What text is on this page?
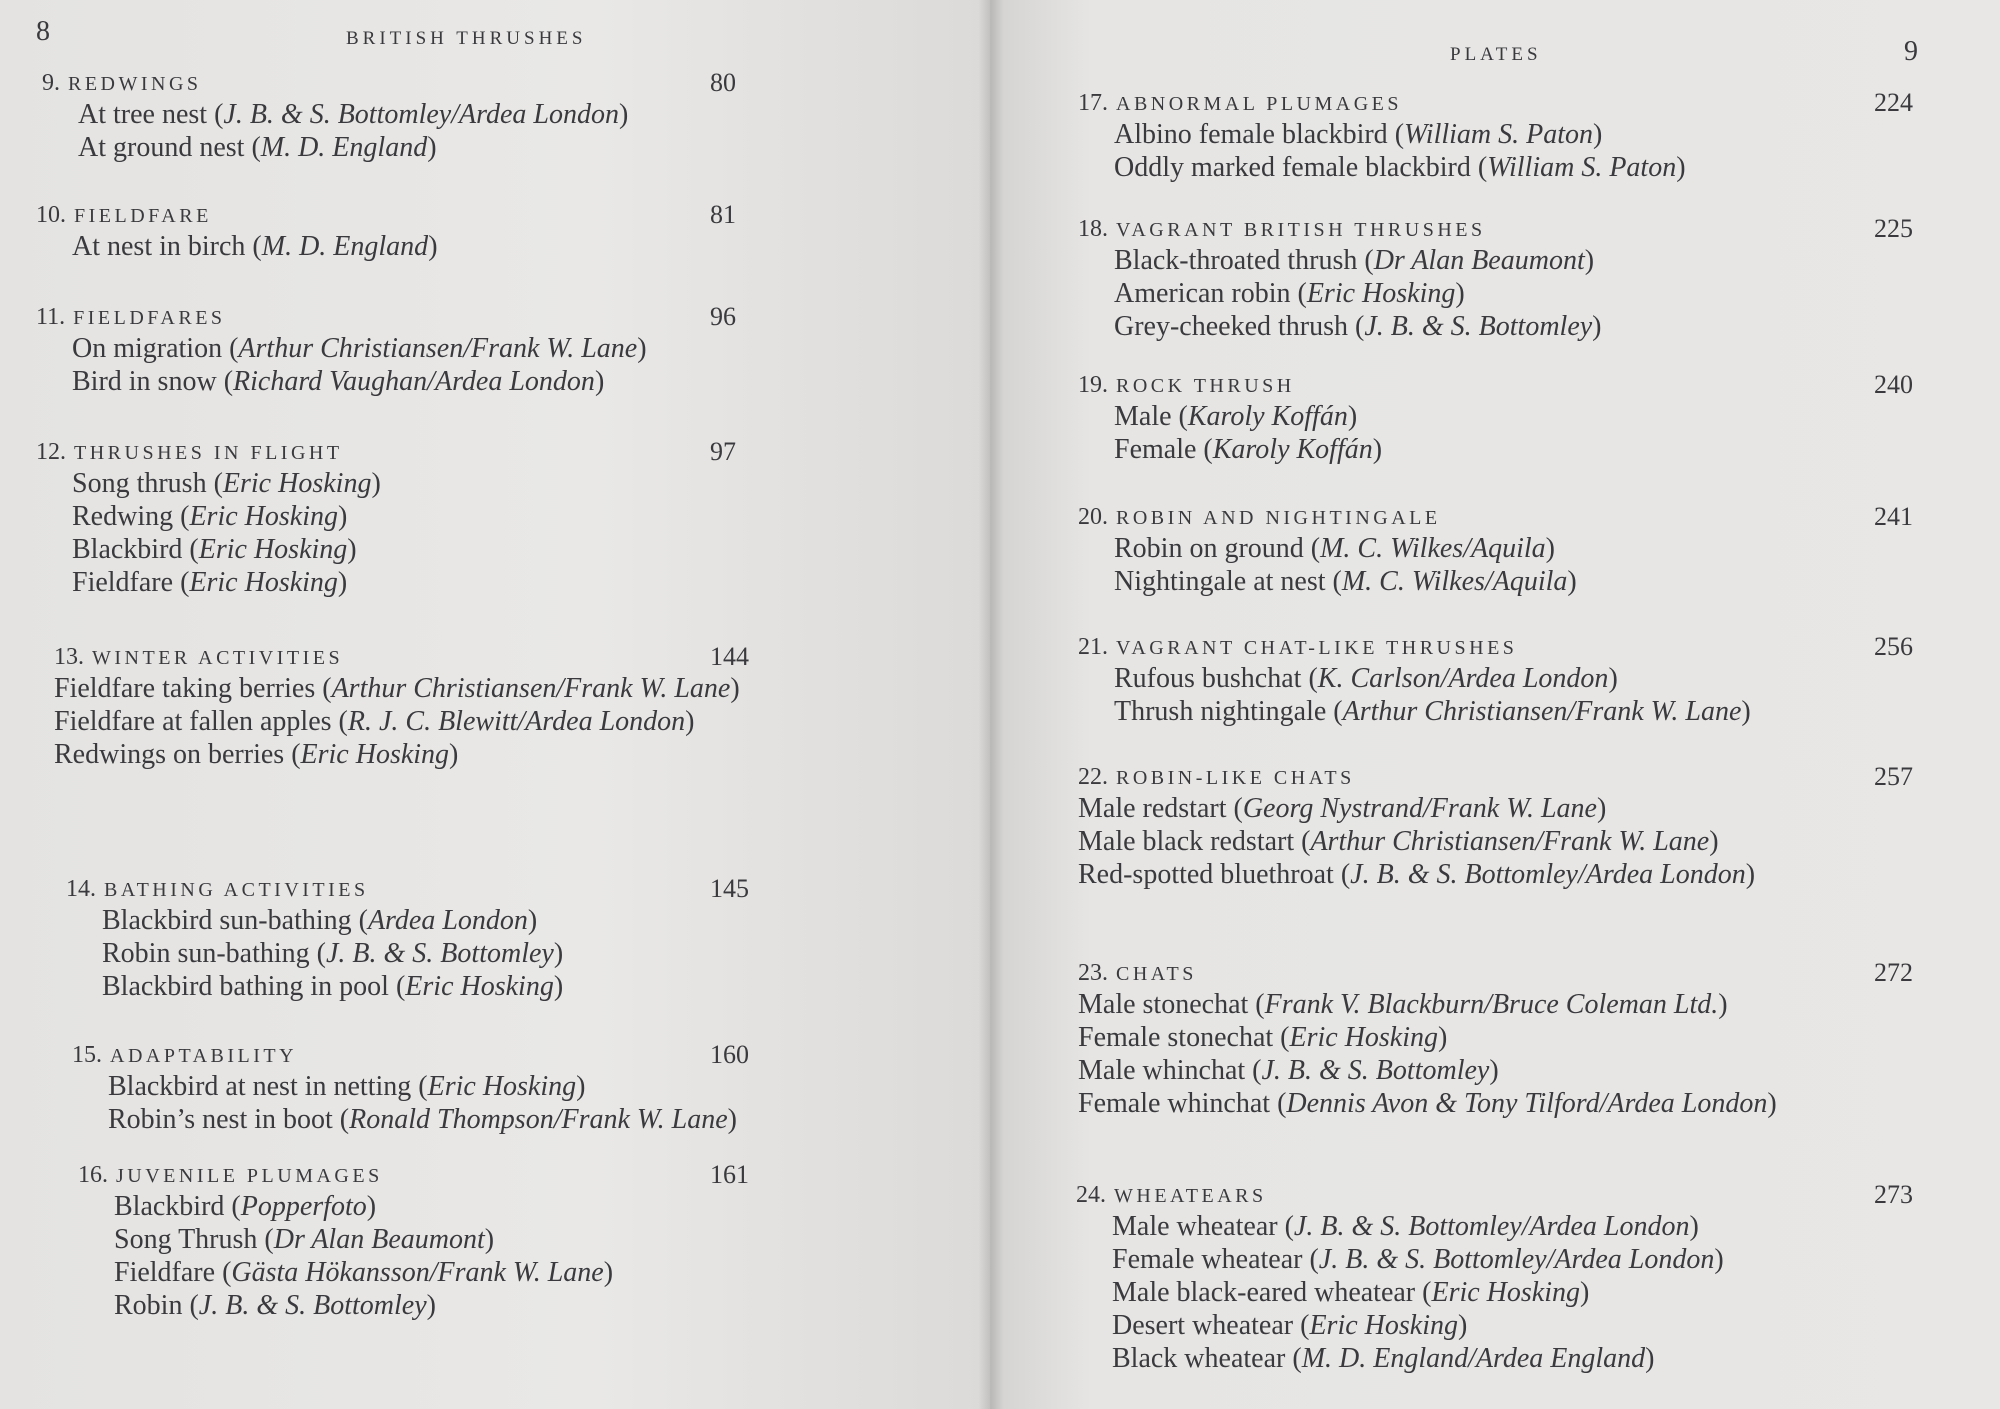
8	BRITISH THRUSHES
PLATES	9
9. REDWINGS	80
At tree nest (J. B. & S. Bottomley/Ardea London)
At ground nest (M. D. England)
10. FIELDFARE	81
At nest in birch (M. D. England)
11. FIELDFARES	96
On migration (Arthur Christiansen/Frank W. Lane)
Bird in snow (Richard Vaughan/Ardea London)
12. THRUSHES IN FLIGHT	97
Song thrush (Eric Hosking)
Redwing (Eric Hosking)
Blackbird (Eric Hosking)
Fieldfare (Eric Hosking)
13. WINTER ACTIVITIES	144
Fieldfare taking berries (Arthur Christiansen/Frank W. Lane)
Fieldfare at fallen apples (R. J. C. Blewitt/Ardea London)
Redwings on berries (Eric Hosking)
14. BATHING ACTIVITIES	145
Blackbird sun-bathing (Ardea London)
Robin sun-bathing (J. B. & S. Bottomley)
Blackbird bathing in pool (Eric Hosking)
15. ADAPTABILITY	160
Blackbird at nest in netting (Eric Hosking)
Robin’s nest in boot (Ronald Thompson/Frank W. Lane)
16. JUVENILE PLUMAGES	161
Blackbird (Popperfoto)
Song Thrush (Dr Alan Beaumont)
Fieldfare (Gästa Hökansson/Frank W. Lane)
Robin (J. B. & S. Bottomley)
17. ABNORMAL PLUMAGES	224
Albino female blackbird (William S. Paton)
Oddly marked female blackbird (William S. Paton)
18. VAGRANT BRITISH THRUSHES	225
Black-throated thrush (Dr Alan Beaumont)
American robin (Eric Hosking)
Grey-cheeked thrush (J. B. & S. Bottomley)
19. ROCK THRUSH	240
Male (Karoly Koffán)
Female (Karoly Koffán)
20. ROBIN AND NIGHTINGALE	241
Robin on ground (M. C. Wilkes/Aquila)
Nightingale at nest (M. C. Wilkes/Aquila)
21. VAGRANT CHAT-LIKE THRUSHES	256
Rufous bushchat (K. Carlson/Ardea London)
Thrush nightingale (Arthur Christiansen/Frank W. Lane)
22. ROBIN-LIKE CHATS	257
Male redstart (Georg Nystrand/Frank W. Lane)
Male black redstart (Arthur Christiansen/Frank W. Lane)
Red-spotted bluethroat (J. B. & S. Bottomley/Ardea London)
23. CHATS	272
Male stonechat (Frank V. Blackburn/Bruce Coleman Ltd.)
Female stonechat (Eric Hosking)
Male whinchat (J. B. & S. Bottomley)
Female whinchat (Dennis Avon & Tony Tilford/Ardea London)
24. WHEATEARS	273
Male wheatear (J. B. & S. Bottomley/Ardea London)
Female wheatear (J. B. & S. Bottomley/Ardea London)
Male black-eared wheatear (Eric Hosking)
Desert wheatear (Eric Hosking)
Black wheatear (M. D. England/Ardea England)
